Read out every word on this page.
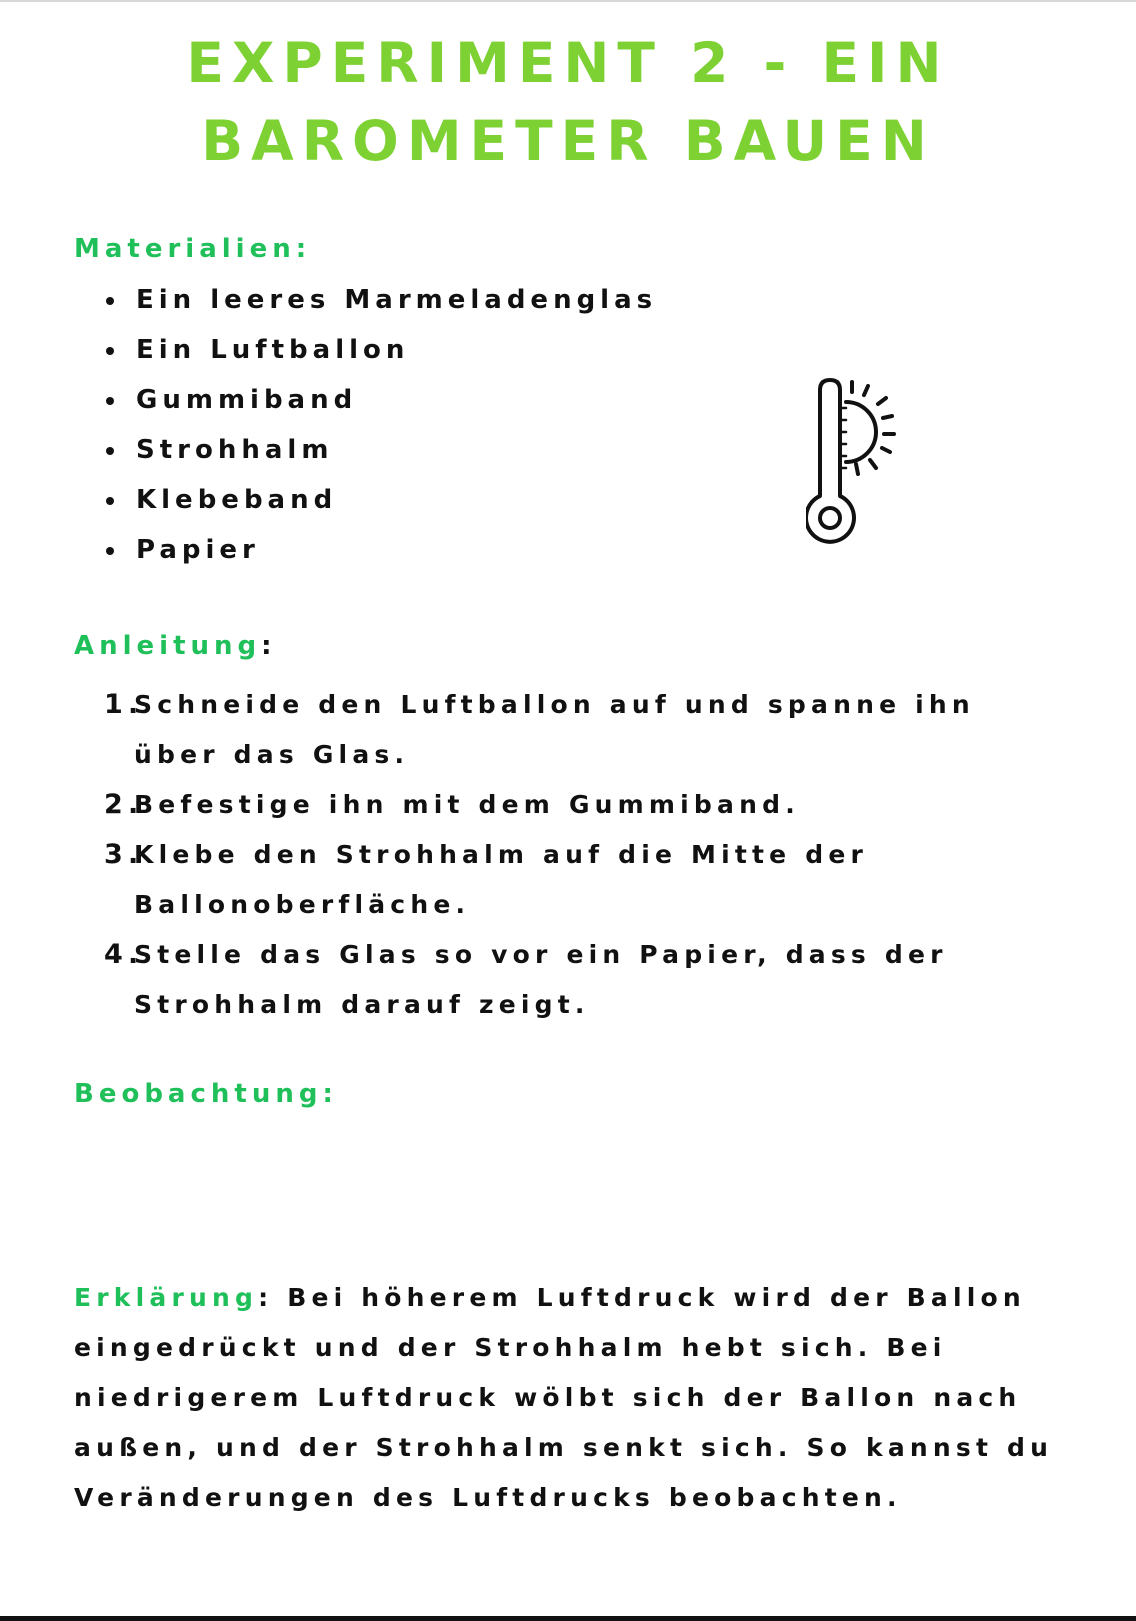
EXPERIMENT 2 - EIN BAROMETER BAUEN
Materialien:
Ein leeres Marmeladenglas
Ein Luftballon
Gummiband
Strohhalm
Klebeband
Papier
Anleitung:
1.
Schneide den Luftballon auf und spanne ihn über das Glas.
2.
Befestige ihn mit dem Gummiband.
3.
Klebe den Strohhalm auf die Mitte der Ballonoberfläche.
4.
Stelle das Glas so vor ein Papier, dass der Strohhalm darauf zeigt.
Beobachtung:

Erklärung: Bei höherem Luftdruck wird der Ballon eingedrückt und der Strohhalm hebt sich. Bei niedrigerem Luftdruck wölbt sich der Ballon nach außen, und der Strohhalm senkt sich. So kannst du Veränderungen des Luftdrucks beobachten.
